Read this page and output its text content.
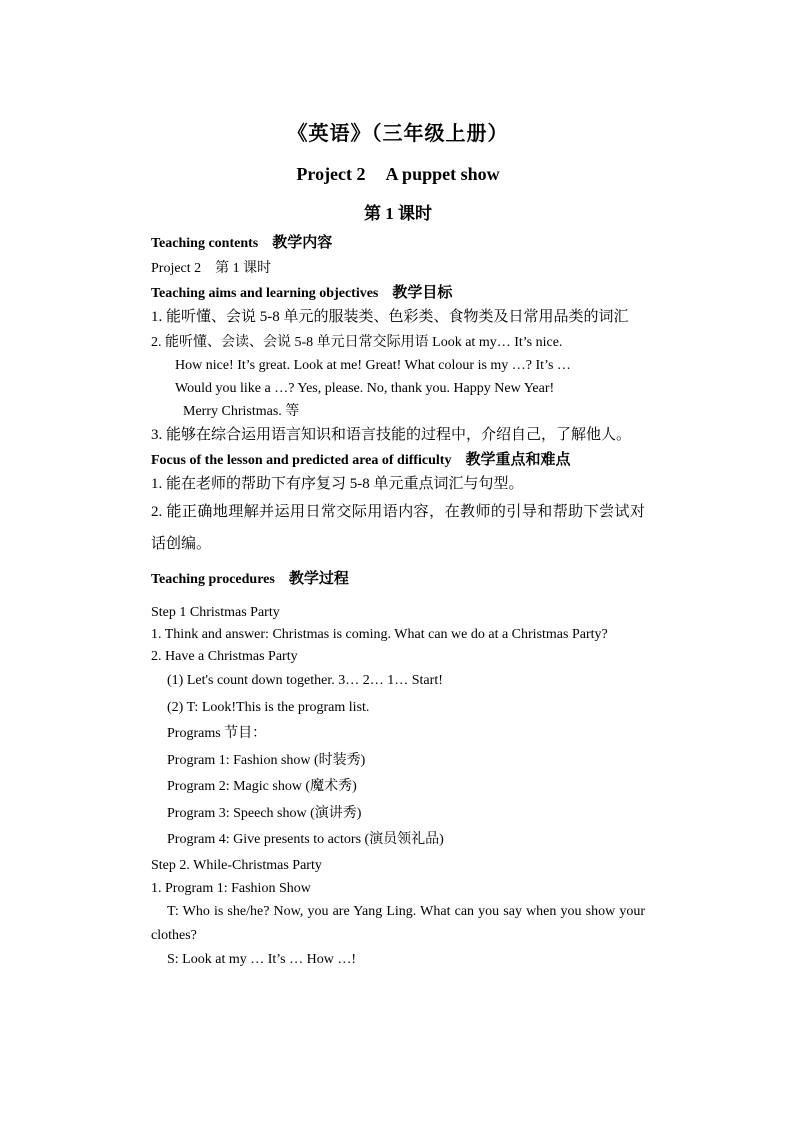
《英语》（三年级上册）
Project 2 A puppet show
第 1 课时
Teaching contents 教学内容
Project 2　第 1 课时
Teaching aims and learning objectives 教学目标
1. 能听懂、会说 5-8 单元的服装类、色彩类、食物类及日常用品类的词汇
2. 能听懂、会读、会说 5-8 单元日常交际用语 Look at my… It’s nice.
How nice! It’s great. Look at me! Great! What colour is my …? It’s …
Would you like a …? Yes, please. No, thank you. Happy New Year!
Merry Christmas. 等
3. 能够在综合运用语言知识和语言技能的过程中，介绍自己，了解他人。
Focus of the lesson and predicted area of difficulty 教学重点和难点
1. 能在老师的帮助下有序复习 5-8 单元重点词汇与句型。
2. 能正确地理解并运用日常交际用语内容，在教师的引导和帮助下尝试对话创编。
Teaching procedures 教学过程
Step 1 Christmas Party
1. Think and answer: Christmas is coming. What can we do at a Christmas Party?
2. Have a Christmas Party
(1) Let's count down together. 3… 2… 1… Start!
(2) T: Look!This is the program list.
Programs 节目：
Program 1: Fashion show (时装秀)
Program 2: Magic show (魔术秀)
Program 3: Speech show (演讲秀)
Program 4: Give presents to actors (演员领礼品)
Step 2. While-Christmas Party
1. Program 1: Fashion Show
T: Who is she/he? Now, you are Yang Ling. What can you say when you show your clothes?
S: Look at my … It’s … How …!
